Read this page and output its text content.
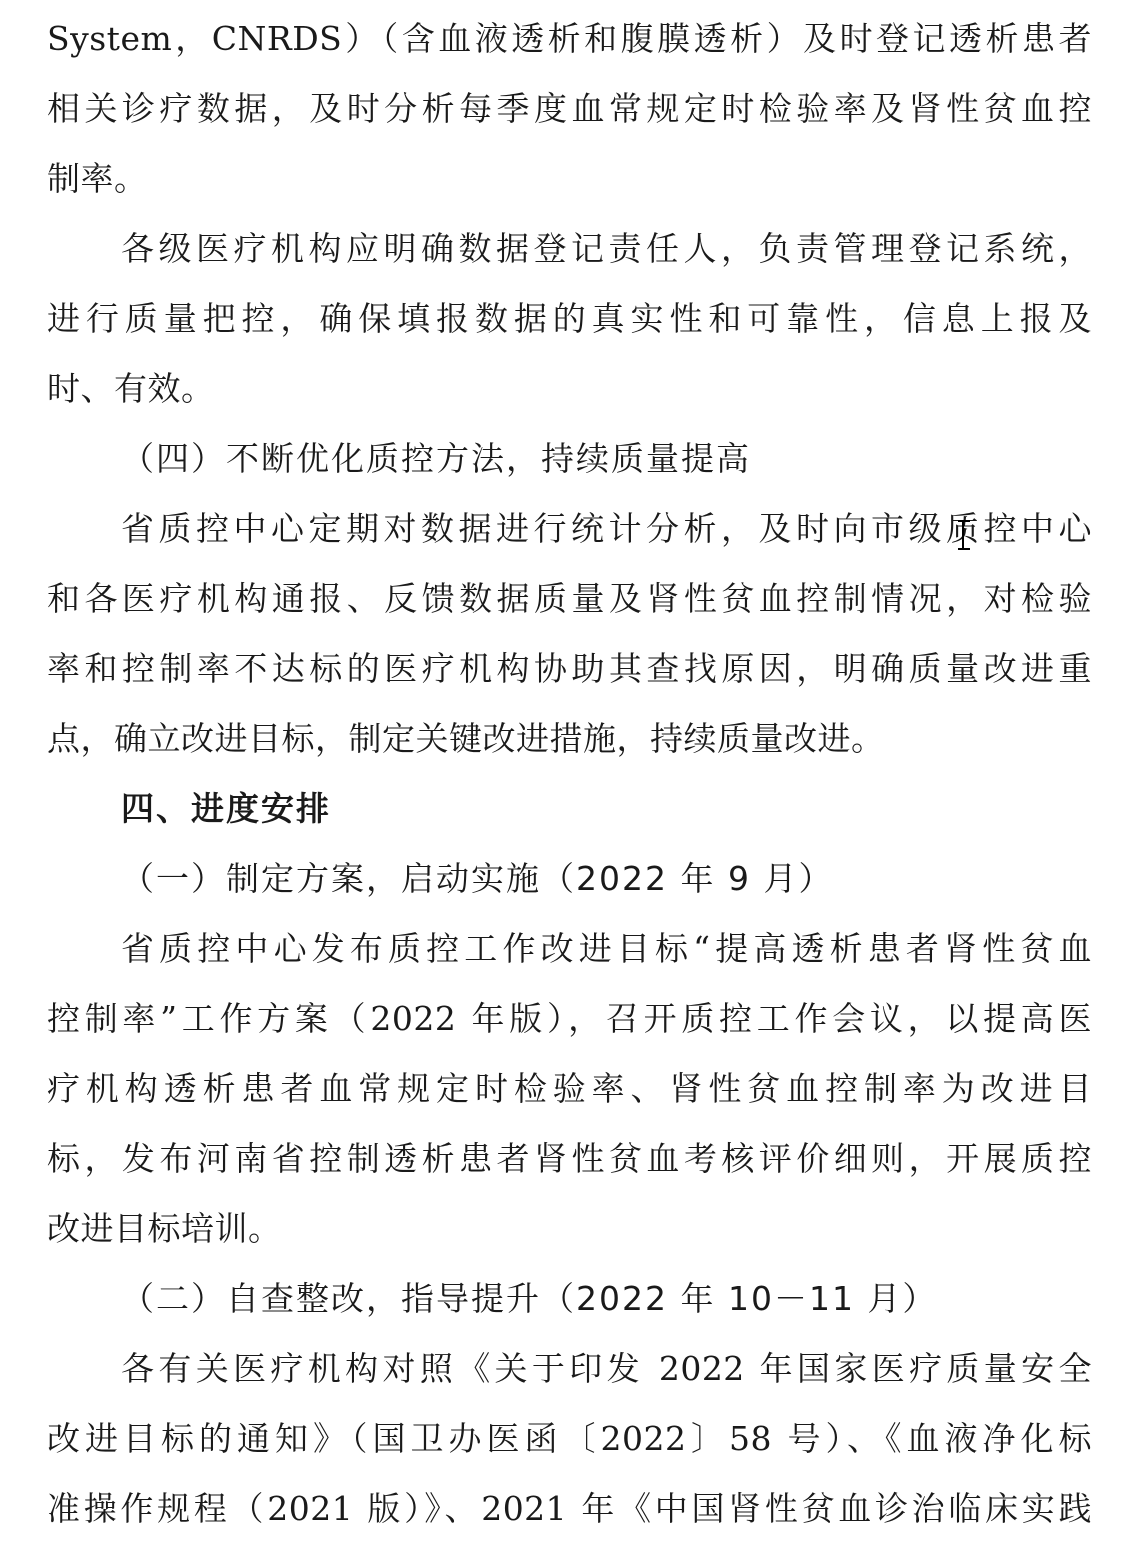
System，CNRDS）（含血液透析和腹膜透析）及时登记透析患者
相关诊疗数据，及时分析每季度血常规定时检验率及肾性贫血控
制率。
各级医疗机构应明确数据登记责任人，负责管理登记系统，
进行质量把控，确保填报数据的真实性和可靠性，信息上报及
时、有效。
（四）不断优化质控方法，持续质量提高
省质控中心定期对数据进行统计分析，及时向市级质控中心
和各医疗机构通报、反馈数据质量及肾性贫血控制情况，对检验
率和控制率不达标的医疗机构协助其查找原因，明确质量改进重
点，确立改进目标，制定关键改进措施，持续质量改进。
四、进度安排
（一）制定方案，启动实施（2022 年 9 月）
省质控中心发布质控工作改进目标“提高透析患者肾性贫血
控制率”工作方案（2022 年版），召开质控工作会议，以提高医
疗机构透析患者血常规定时检验率、肾性贫血控制率为改进目
标，发布河南省控制透析患者肾性贫血考核评价细则，开展质控
改进目标培训。
（二）自查整改，指导提升（2022 年 10－11 月）
各有关医疗机构对照《关于印发 2022 年国家医疗质量安全
改进目标的通知》（国卫办医函〔2022〕58 号）、《血液净化标
准操作规程（2021 版）》、2021 年《中国肾性贫血诊治临床实践
